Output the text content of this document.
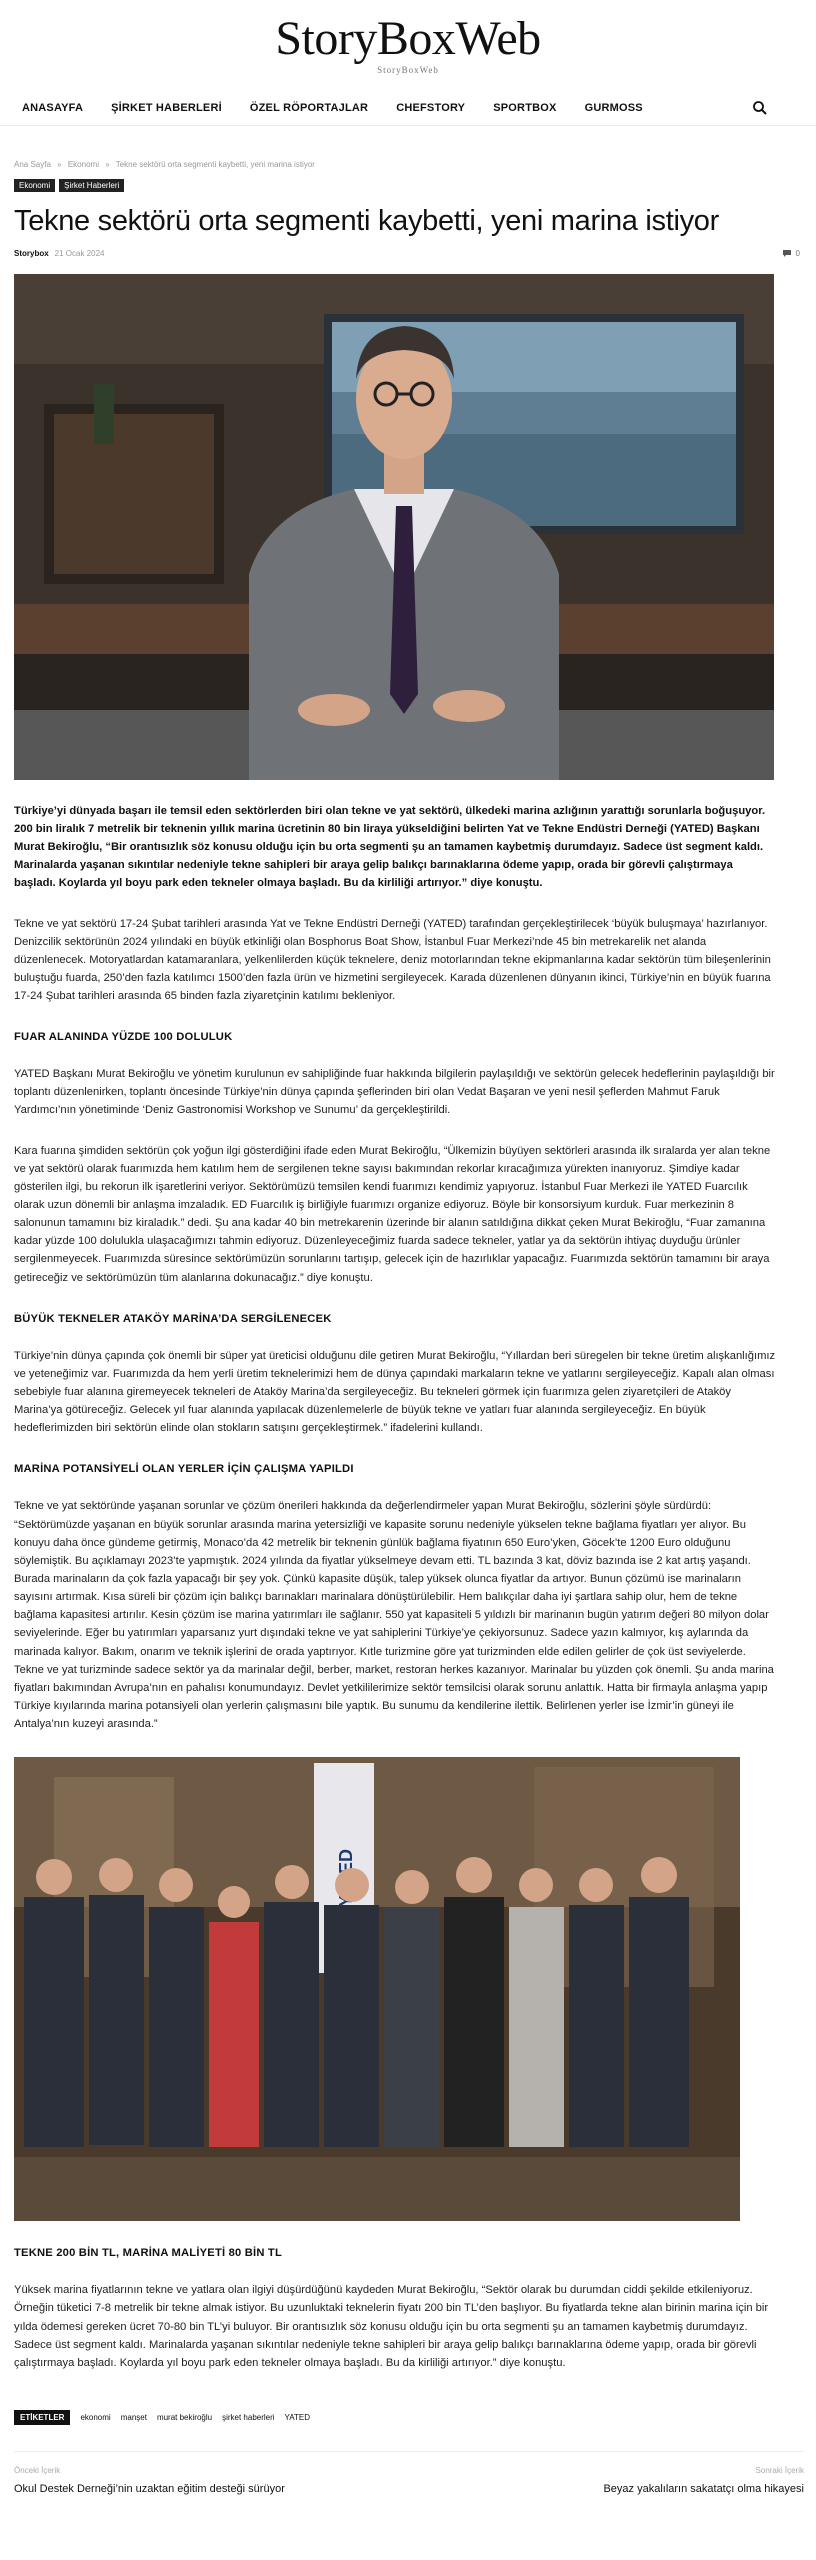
StoryBoxWeb
StoryBoxWeb
ANASAYFA	ŞİRKET HABERLERİ	ÖZEL RÖPORTAJLAR	CHEFSTORY	SPORTBOX	GURMOSS
Ana Sayfa » Ekonomi » Tekne sektörü orta segmenti kaybetti, yeni marina istiyor
Ekonomi	Şirket Haberleri
Tekne sektörü orta segmenti kaybetti, yeni marina istiyor
Storybox 21 Ocak 2024	0

Türkiye’yi dünyada başarı ile temsil eden sektörlerden biri olan tekne ve yat sektörü, ülkedeki marina azlığının yarattığı sorunlarla boğuşuyor. 200 bin liralık 7 metrelik bir teknenin yıllık marina ücretinin 80 bin liraya yükseldiğini belirten Yat ve Tekne Endüstri Derneği (YATED) Başkanı Murat Bekiroğlu, “Bir orantısızlık söz konusu olduğu için bu orta segmenti şu an tamamen kaybetmiş durumdayız. Sadece üst segment kaldı. Marinalarda yaşanan sıkıntılar nedeniyle tekne sahipleri bir araya gelip balıkçı barınaklarına ödeme yapıp, orada bir görevli çalıştırmaya başladı. Koylarda yıl boyu park eden tekneler olmaya başladı. Bu da kirliliği artırıyor.” diye konuştu.

Tekne ve yat sektörü 17-24 Şubat tarihleri arasında Yat ve Tekne Endüstri Derneği (YATED) tarafından gerçekleştirilecek ‘büyük buluşmaya’ hazırlanıyor. Denizcilik sektörünün 2024 yılındaki en büyük etkinliği olan Bosphorus Boat Show, İstanbul Fuar Merkezi’nde 45 bin metrekarelik net alanda düzenlenecek. Motoryatlardan katamaranlara, yelkenlilerden küçük teknelere, deniz motorlarından tekne ekipmanlarına kadar sektörün tüm bileşenlerinin buluştuğu fuarda, 250’den fazla katılımcı 1500’den fazla ürün ve hizmetini sergileyecek. Karada düzenlenen dünyanın ikinci, Türkiye’nin en büyük fuarına 17-24 Şubat tarihleri arasında 65 binden fazla ziyaretçinin katılımı bekleniyor.

FUAR ALANINDA YÜZDE 100 DOLULUK

YATED Başkanı Murat Bekiroğlu ve yönetim kurulunun ev sahipliğinde fuar hakkında bilgilerin paylaşıldığı ve sektörün gelecek hedeflerinin paylaşıldığı bir toplantı düzenlenirken, toplantı öncesinde Türkiye’nin dünya çapında şeflerinden biri olan Vedat Başaran ve yeni nesil şeflerden Mahmut Faruk Yardımcı’nın yönetiminde ‘Deniz Gastronomisi Workshop ve Sunumu’ da gerçekleştirildi.

Kara fuarına şimdiden sektörün çok yoğun ilgi gösterdiğini ifade eden Murat Bekiroğlu, “Ülkemizin büyüyen sektörleri arasında ilk sıralarda yer alan tekne ve yat sektörü olarak fuarımızda hem katılım hem de sergilenen tekne sayısı bakımından rekorlar kıracağımıza yürekten inanıyoruz. Şimdiye kadar gösterilen ilgi, bu rekorun ilk işaretlerini veriyor. Sektörümüzü temsilen kendi fuarımızı kendimiz yapıyoruz. İstanbul Fuar Merkezi ile YATED Fuarcılık olarak uzun dönemli bir anlaşma imzaladık. ED Fuarcılık iş birliğiyle fuarımızı organize ediyoruz. Böyle bir konsorsiyum kurduk. Fuar merkezinin 8 salonunun tamamını biz kiraladık.” dedi. Şu ana kadar 40 bin metrekarenin üzerinde bir alanın satıldığına dikkat çeken Murat Bekiroğlu, “Fuar zamanına kadar yüzde 100 dolulukla ulaşacağımızı tahmin ediyoruz. Düzenleyeceğimiz fuarda sadece tekneler, yatlar ya da sektörün ihtiyaç duyduğu ürünler sergilenmeyecek. Fuarımızda süresince sektörümüzün sorunlarını tartışıp, gelecek için de hazırlıklar yapacağız. Fuarımızda sektörün tamamını bir araya getireceğiz ve sektörümüzün tüm alanlarına dokunacağız.” diye konuştu.

BÜYÜK TEKNELER ATAKÖY MARİNA’DA SERGİLENECEK

Türkiye’nin dünya çapında çok önemli bir süper yat üreticisi olduğunu dile getiren Murat Bekiroğlu, “Yıllardan beri süregelen bir tekne üretim alışkanlığımız ve yeteneğimiz var. Fuarımızda da hem yerli üretim teknelerimizi hem de dünya çapındaki markaların tekne ve yatlarını sergileyeceğiz. Kapalı alan olması sebebiyle fuar alanına giremeyecek tekneleri de Ataköy Marina’da sergileyeceğiz. Bu tekneleri görmek için fuarımıza gelen ziyaretçileri de Ataköy Marina’ya götüreceğiz. Gelecek yıl fuar alanında yapılacak düzenlemelerle de büyük tekne ve yatları fuar alanında sergileyeceğiz. En büyük hedeflerimizden biri sektörün elinde olan stokların satışını gerçekleştirmek.” ifadelerini kullandı.

MARİNA POTANSİYELİ OLAN YERLER İÇİN ÇALIŞMA YAPILDI

Tekne ve yat sektöründe yaşanan sorunlar ve çözüm önerileri hakkında da değerlendirmeler yapan Murat Bekiroğlu, sözlerini şöyle sürdürdü: “Sektörümüzde yaşanan en büyük sorunlar arasında marina yetersizliği ve kapasite sorunu nedeniyle yükselen tekne bağlama fiyatları yer alıyor. Bu konuyu daha önce gündeme getirmiş, Monaco’da 42 metrelik bir teknenin günlük bağlama fiyatının 650 Euro’yken, Göcek’te 1200 Euro olduğunu söylemiştik. Bu açıklamayı 2023’te yapmıştık. 2024 yılında da fiyatlar yükselmeye devam etti. TL bazında 3 kat, döviz bazında ise 2 kat artış yaşandı. Burada marinaların da çok fazla yapacağı bir şey yok. Çünkü kapasite düşük, talep yüksek olunca fiyatlar da artıyor. Bunun çözümü ise marinaların sayısını artırmak. Kısa süreli bir çözüm için balıkçı barınakları marinalara dönüştürülebilir. Hem balıkçılar daha iyi şartlara sahip olur, hem de tekne bağlama kapasitesi artırılır. Kesin çözüm ise marina yatırımları ile sağlanır. 550 yat kapasiteli 5 yıldızlı bir marinanın bugün yatırım değeri 80 milyon dolar seviyelerinde. Eğer bu yatırımları yaparsanız yurt dışındaki tekne ve yat sahiplerini Türkiye’ye çekiyorsunuz. Sadece yazın kalmıyor, kış aylarında da marinada kalıyor. Bakım, onarım ve teknik işlerini de orada yaptırıyor. Kıtle turizmine göre yat turizminden elde edilen gelirler de çok üst seviyelerde. Tekne ve yat turizminde sadece sektör ya da marinalar değil, berber, market, restoran herkes kazanıyor. Marinalar bu yüzden çok önemli. Şu anda marina fiyatları bakımından Avrupa’nın en pahalısı konumundayız. Devlet yetkililerimize sektör temsilcisi olarak sorunu anlattık. Hatta bir firmayla anlaşma yapıp Türkiye kıyılarında marina potansiyeli olan yerlerin çalışmasını bile yaptık. Bu sunumu da kendilerine ilettik. Belirlenen yerler ise İzmir’in güneyi ile Antalya’nın kuzeyi arasında.”

TEKNE 200 BİN TL, MARİNA MALİYETİ 80 BİN TL

Yüksek marina fiyatlarının tekne ve yatlara olan ilgiyi düşürdüğünü kaydeden Murat Bekiroğlu, “Sektör olarak bu durumdan ciddi şekilde etkileniyoruz. Örneğin tüketici 7-8 metrelik bir tekne almak istiyor. Bu uzunluktaki teknelerin fiyatı 200 bin TL’den başlıyor. Bu fiyatlarda tekne alan birinin marina için bir yılda ödemesi gereken ücret 70-80 bin TL’yi buluyor. Bir orantısızlık söz konusu olduğu için bu orta segmenti şu an tamamen kaybetmiş durumdayız. Sadece üst segment kaldı. Marinalarda yaşanan sıkıntılar nedeniyle tekne sahipleri bir araya gelip balıkçı barınaklarına ödeme yapıp, orada bir görevli çalıştırmaya başladı. Koylarda yıl boyu park eden tekneler olmaya başladı. Bu da kirliliği artırıyor.” diye konuştu.

ETİKETLER	ekonomi manşet murat bekiroğlu şirket haberleri YATED
Önceki İçerik
Okul Destek Derneği’nin uzaktan eğitim desteği sürüyor
Sonraki İçerik
Beyaz yakalıların sakatatçı olma hikayesi
